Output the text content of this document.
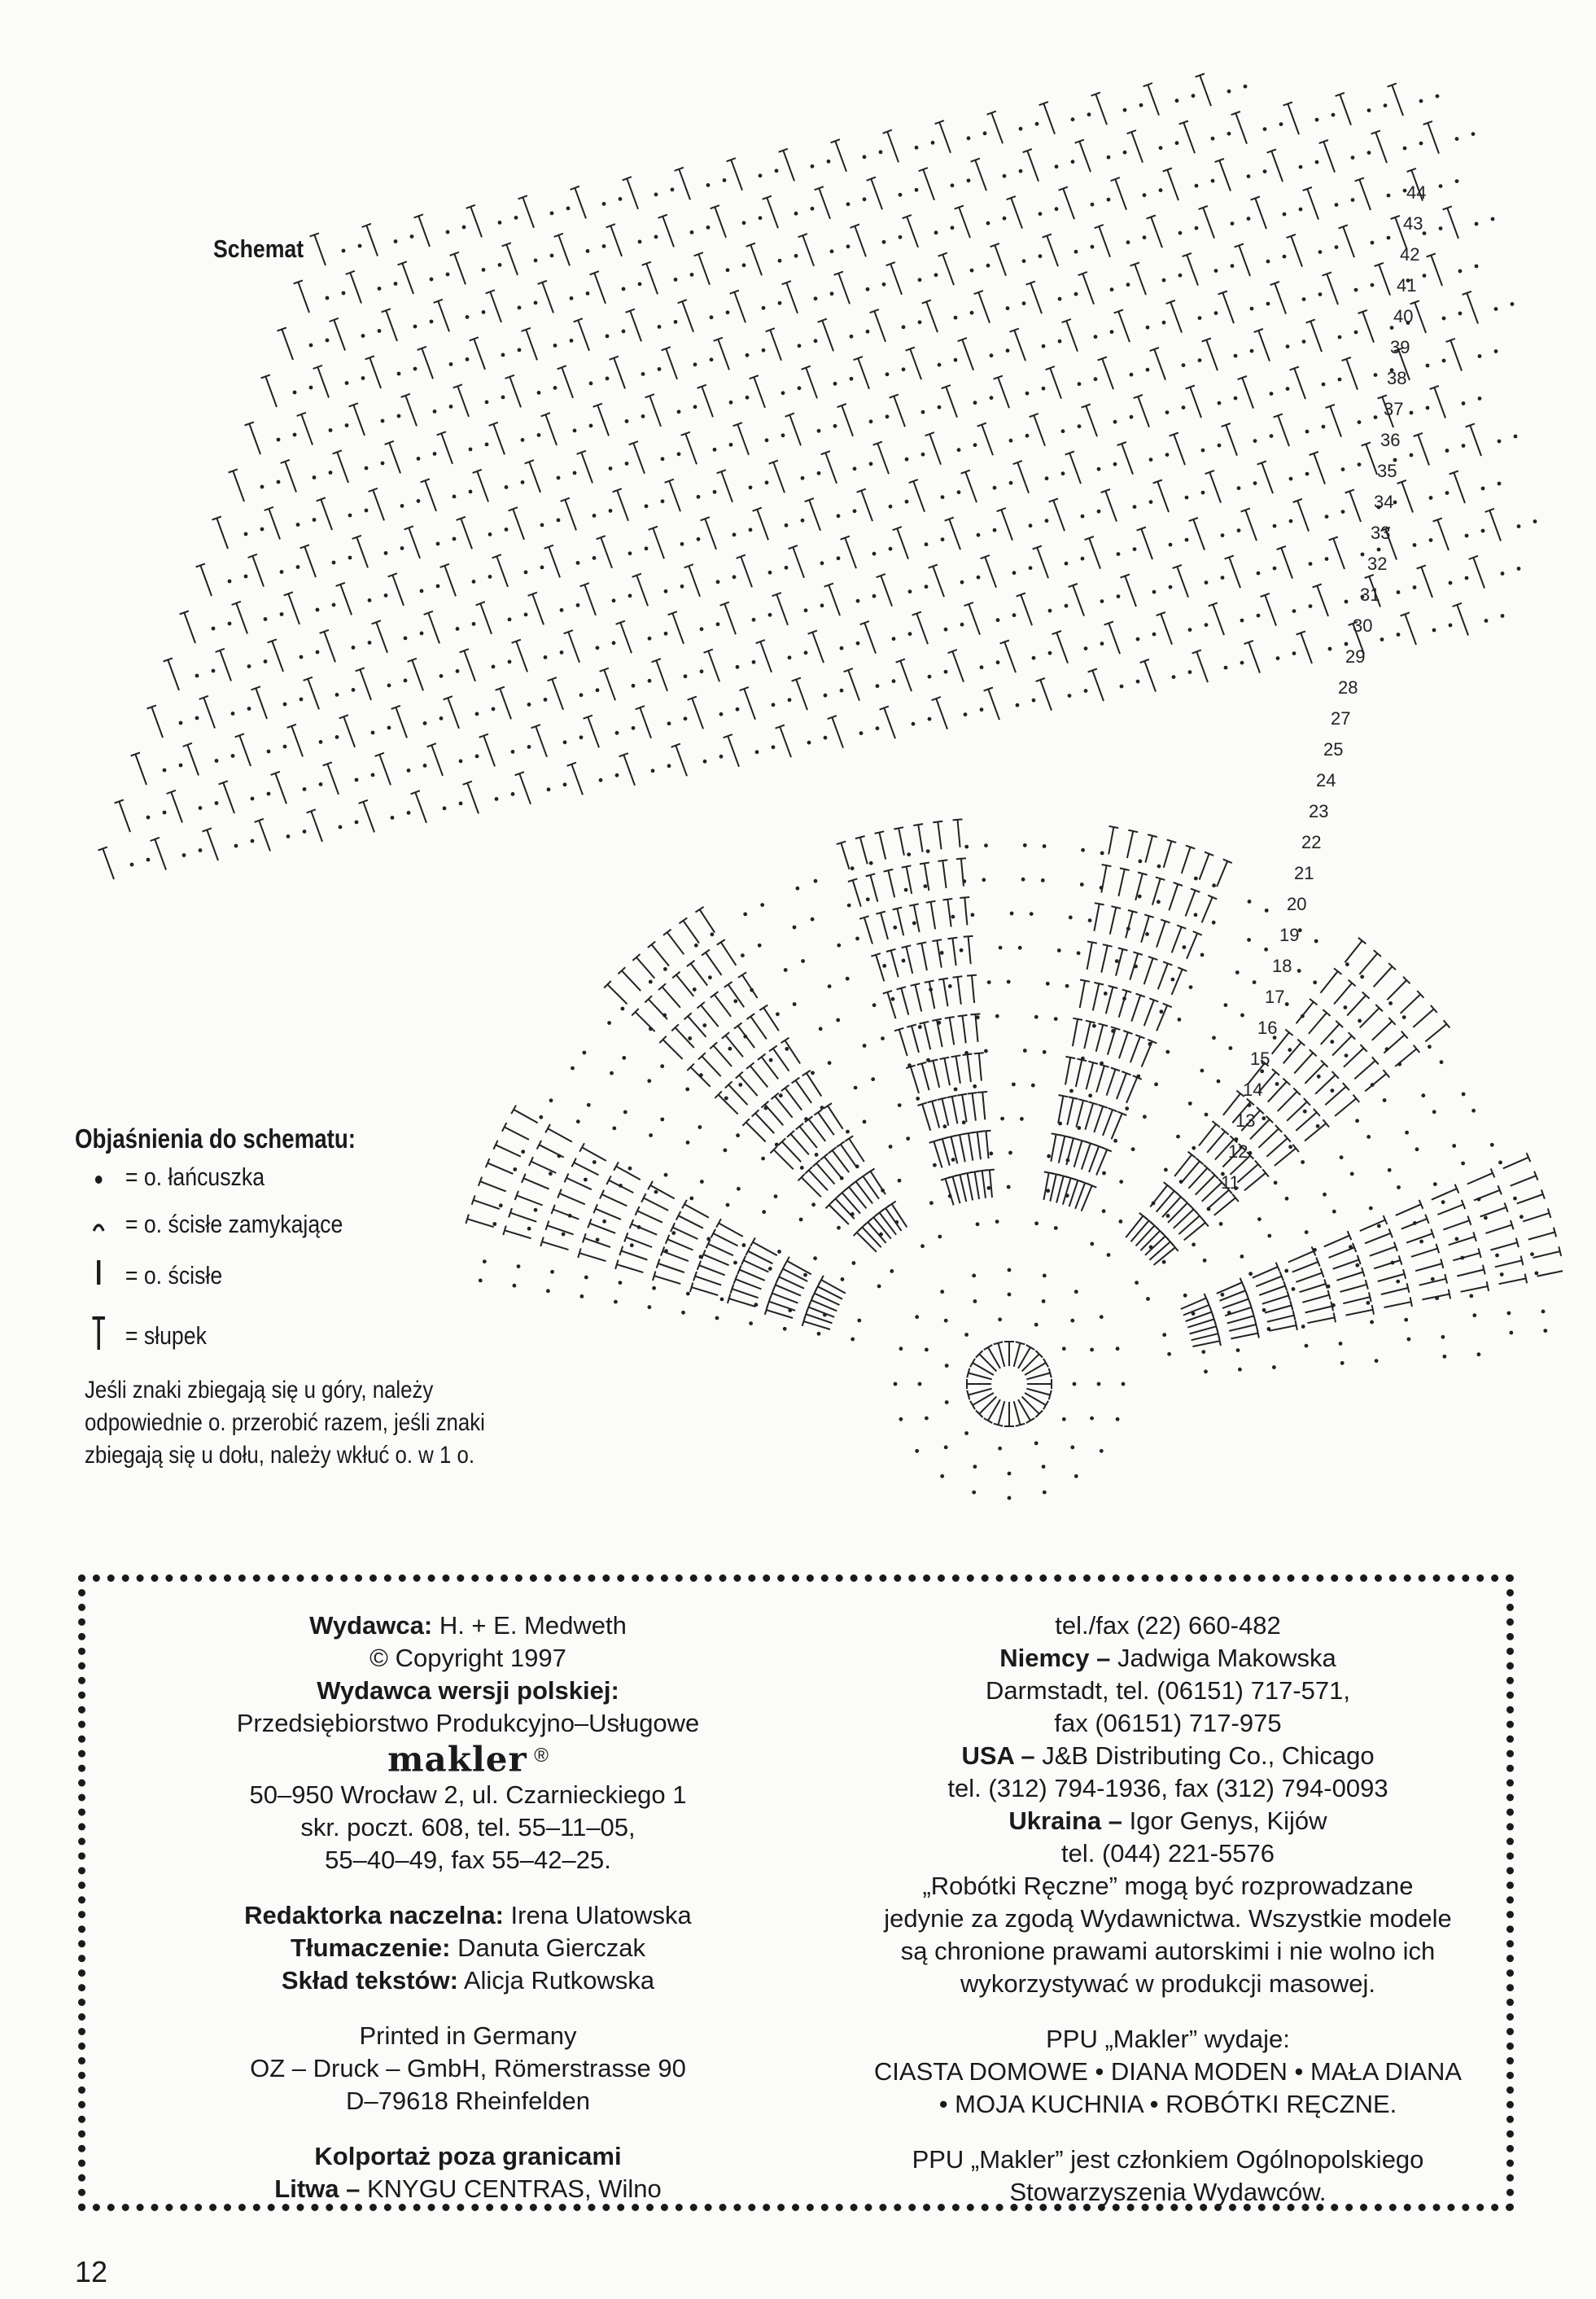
Schemat
11
12
13
14
15
16
17
18
19
20
21
22
23
24
25
27
28
29
30
31
32
33
34
35
36
37
38
39
40
41
42
43
44
Objaśnienia do schematu:
= o. łańcuszka
= o. ścisłe zamykające
= o. ścisłe
= słupek
Jeśli znaki zbiegają się u góry, należy odpowiednie o. przerobić razem, jeśli znaki zbiegają się u dołu, należy wkłuć o. w 1 o.

Wydawca: H. + E. Medweth

© Copyright 1997

Wydawca wersji polskiej:

Przedsiębiorstwo Produkcyjno–Usługowe

makler ®

50–950 Wrocław 2, ul. Czarnieckiego 1

skr. poczt. 608, tel. 55–11–05,

55–40–49, fax 55–42–25.

Redaktorka naczelna: Irena Ulatowska

Tłumaczenie: Danuta Gierczak

Skład tekstów: Alicja Rutkowska

Printed in Germany

OZ – Druck – GmbH, Römerstrasse 90

D–79618 Rheinfelden

Kolportaż poza granicami

Litwa – KNYGU CENTRAS, Wilno

tel./fax (22) 660-482

Niemcy – Jadwiga Makowska

Darmstadt, tel. (06151) 717-571,

fax (06151) 717-975

USA – J&B Distributing Co., Chicago

tel. (312) 794-1936, fax (312) 794-0093

Ukraina – Igor Genys, Kijów

tel. (044) 221-5576

„Robótki Ręczne” mogą być rozprowadzane

jedynie za zgodą Wydawnictwa. Wszystkie modele

są chronione prawami autorskimi i nie wolno ich

wykorzystywać w produkcji masowej.

PPU „Makler” wydaje:

CIASTA DOMOWE • DIANA MODEN • MAŁA DIANA

• MOJA KUCHNIA • ROBÓTKI RĘCZNE.

PPU „Makler” jest członkiem Ogólnopolskiego

Stowarzyszenia Wydawców.

12
